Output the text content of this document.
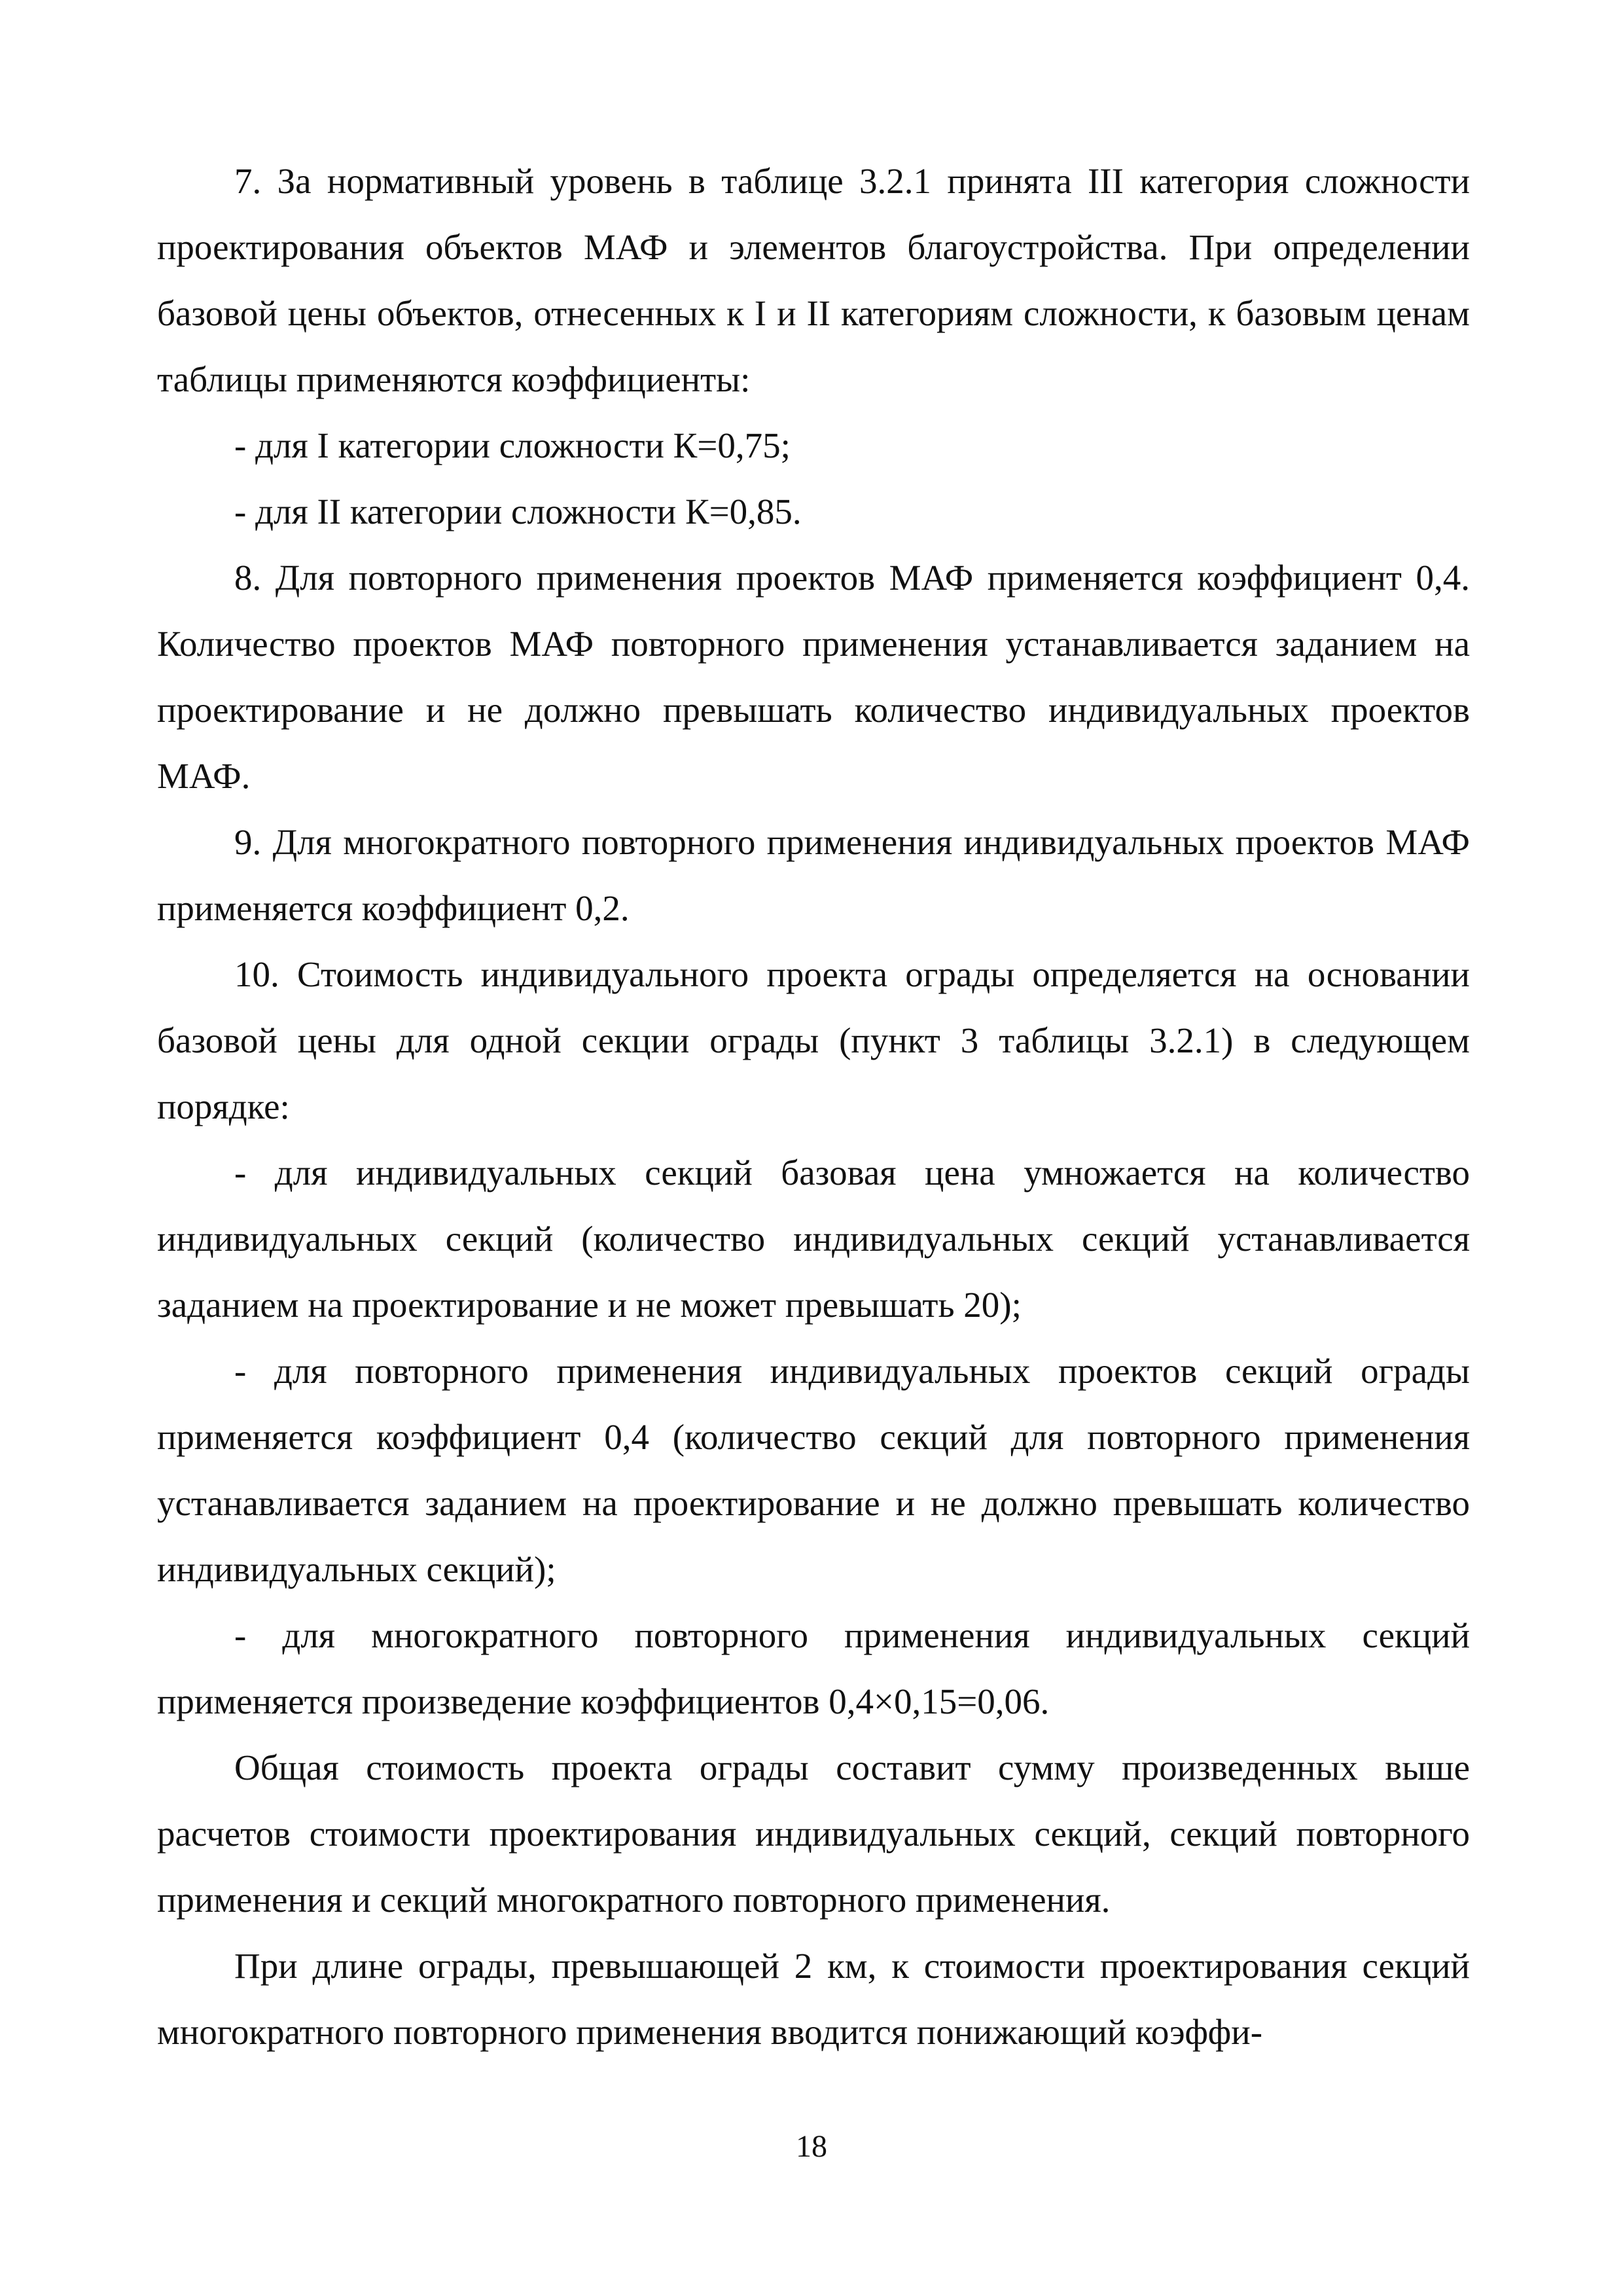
7. За нормативный уровень в таблице 3.2.1 принята III категория сложности проектирования объектов МАФ и элементов благоустройства. При определении базовой цены объектов, отнесенных к I и II категориям сложности, к базовым ценам таблицы применяются коэффициенты:

- для I категории сложности К=0,75;

- для II категории сложности К=0,85.

8. Для повторного применения проектов МАФ применяется коэффициент 0,4. Количество проектов МАФ повторного применения устанавливается заданием на проектирование и не должно превышать количество индивидуальных проектов МАФ.

9. Для многократного повторного применения индивидуальных проектов МАФ применяется коэффициент 0,2.

10. Стоимость индивидуального проекта ограды определяется на основании базовой цены для одной секции ограды (пункт 3 таблицы 3.2.1) в следующем порядке:

- для индивидуальных секций базовая цена умножается на количество индивидуальных секций (количество индивидуальных секций устанавливается заданием на проектирование и не может превышать 20);

- для повторного применения индивидуальных проектов секций ограды применяется коэффициент 0,4 (количество секций для повторного применения устанавливается заданием на проектирование и не должно превышать количество индивидуальных секций);

- для многократного повторного применения индивидуальных секций применяется произведение коэффициентов 0,4×0,15=0,06.

Общая стоимость проекта ограды составит сумму произведенных выше расчетов стоимости проектирования индивидуальных секций, секций повторного применения и секций многократного повторного применения.

При длине ограды, превышающей 2 км, к стоимости проектирования секций многократного повторного применения вводится понижающий коэффи-

18
